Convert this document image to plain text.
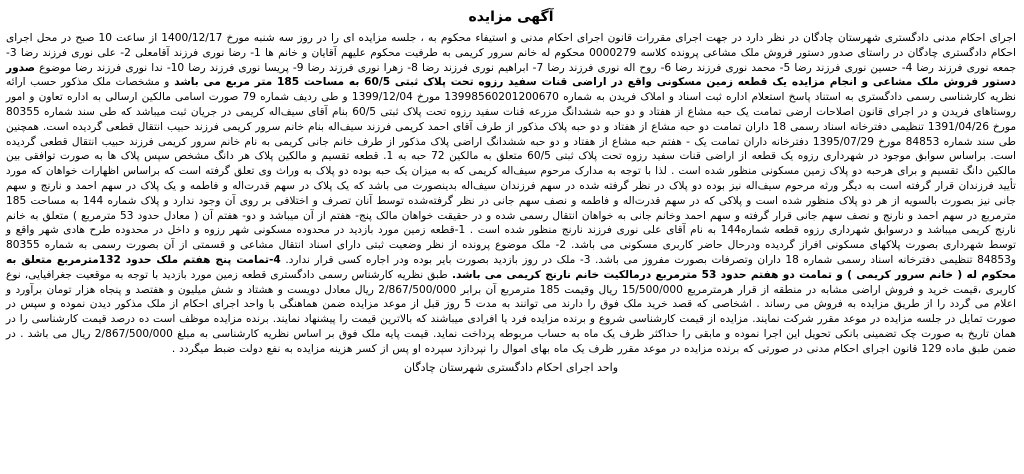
آگهی مزایده

اجرای احکام مدنی دادگستری شهرستان چادگان در نظر دارد در جهت اجرای مقررات قانون اجرای احکام مدنی و استیفاء محکوم به ، جلسه مزایده ای را در روز سه شنبه مورخ 1400/12/17 از ساعت 10 صبح در محل اجرای احکام دادگستری چادگان در راستای صدور دستور فروش ملک مشاعی پرونده کلاسه 0000279 محکوم له خانم سرور کریمی به طرفیت محکوم علیهم آقایان و خانم ها 1- رضا نوری فرزند آقامعلی 2- علی نوری فرزند رضا 3- جمعه نوری فرزند رضا 4- حسین نوری فرزند رضا 5- محمد نوری فرزند رضا 6- روح اله نوری فرزند رضا 7- ابراهیم نوری فرزند رضا 8- زهرا نوری فرزند رضا 9- پریسا نوری فرزند رضا 10- ندا نوری فرزند رضا موضوع صدور دستور فروش ملک مشاعی و انجام مزایده یک قطعه زمین مسکونی واقع در اراضی قنات سفید رزوه تحت پلاک ثبتی 60/5 به مساحت 185 متر مربع می باشد و مشخصات ملک مذکور حسب ارائه نظریه کارشناسی رسمی دادگستری به استناد پاسخ استعلام اداره ثبت اسناد و املاک فریدن به شماره 13998560201200670 مورخ 1399/12/04 و طی ردیف شماره 79 صورت اسامی مالکین ارسالی به اداره تعاون و امور روستاهای فریدن و در اجرای قانون اصلاحات ارضی تمامت یک حبه مشاع از هفتاد و دو حبه ششدانگ مزرعه قنات سفید رزوه تحت پلاک ثبتی 60/5 بنام آقای سیف‌اله کریمی در جریان ثبت میباشد که طی سند شماره 80355 مورخ 1391/04/26 تنظیمی دفترخانه اسناد رسمی 18 داران تمامت دو حبه مشاع از هفتاد و دو حبه پلاک مذکور از طرف آقای احمد کریمی فرزند سیف‌اله بنام خانم سرور کریمی فرزند حبیب انتقال قطعی گردیده است. همچنین طی سند شماره 84853 مورخ 1395/07/29 دفترخانه داران تمامت یک - هفتم حبه مشاع از هفتاد و دو حبه ششدانگ اراضی پلاک مذکور از طرف خانم جانی کریمی به نام خانم سرور کریمی فرزند حبیب انتقال قطعی گردیده است. براساس سوابق موجود در شهرداری رزوه یک قطعه از اراضی قنات سفید رزوه تحت پلاک ثبتی 60/5 متعلق به مالکین 72 حبه به 1. قطعه تقسیم و مالکین پلاک هر دانگ مشخص سپس پلاک ها به صورت توافقی بین مالکین دانگ تقسیم و برای هرحبه دو پلاک زمین مسکونی منظور شده است . لذا با توجه به مدارک مرحوم سیف‌اله کریمی که به میزان یک حبه بوده دو پلاک به وراث وی تعلق گرفته است که براساس اظهارات خواهان که مورد تأیید فرزندان قرار گرفته است به دیگر ورثه مرحوم سیف‌اله نیز بوده دو پلاک در نظر گرفته شده در سهم فرزندان سیف‌اله بدینصورت می باشد که یک پلاک در سهم قدرت‌اله و فاطمه و یک پلاک در سهم احمد و نارنج و سهم جانی نیز بصورت بالسویه از هر دو پلاک منظور شده است و پلاکی که در سهم قدرت‌اله و فاطمه و نصف سهم جانی در نظر گرفته‌شده توسط آنان تصرف و اختلافی بر روی آن وجود ندارد و پلاک شماره 144 به مساحت 185 مترمربع در سهم احمد و نارنج و نصف سهم جانی قرار گرفته و سهم احمد وخانم جانی به خواهان انتقال رسمی شده و در حقیقت خواهان مالک پنج- هفتم از آن میباشد و دو- هفتم آن ( معادل حدود 53 مترمربع ) متعلق به خانم نارنج کریمی میباشد و درسوابق شهرداری رزوه قطعه شماره144 به نام آقای علی نوری فرزند نارنج منظور شده است . 1-قطعه زمین مورد بازدید در محدوده مسکونی شهر رزوه و داخل در محدوده طرح هادی شهر واقع و توسط شهرداری بصورت پلاکهای مسکونی افراز گردیده ودرحال حاضر کاربری مسکونی می باشد. 2- ملک موضوع پرونده از نظر وضعیت ثبتی دارای اسناد انتقال مشاعی و قسمتی از آن بصورت رسمی به شماره 80355 و84853 تنظیمی دفترخانه اسناد رسمی شماره 18 داران وتصرفات بصورت مفروز می باشد. 3- ملک در روز بازدید بصورت باير بوده ودر اجاره کسی قرار ندارد. 4-تمامت پنج هفتم ملک حدود 132مترمربع متعلق به محکوم له ( خانم سرور کریمی ) و تمامت دو هفتم حدود 53 مترمربع درمالکیت خانم نارنج کریمی می باشد. طبق نظریه کارشناس رسمی دادگستری قطعه زمین مورد بازدید با توجه به موقعیت جغرافیایی، نوع کاربری ،قیمت خرید و فروش اراضی مشابه در منطقه از قرار هرمترمربع 15/500/000 ریال وقیمت 185 مترمربع آن برابر 2/867/500/000 ریال معادل دویست و هشتاد و شش میلیون و هفتصد و پنجاه هزار تومان برآورد و اعلام می گردد را از طریق مزایده به فروش می رساند . اشخاصی که قصد خرید ملک فوق را دارند می توانند به مدت 5 روز قبل از موعد مزایده ضمن هماهنگی با واحد اجرای احکام از ملک مذکور دیدن نموده و سپس در صورت تمایل در جلسه مزایده در موعد مقرر شرکت نمایند. مزایده از قیمت کارشناسی شروع و برنده مزایده فرد یا افرادی میباشند که بالاترین قیمت را پیشنهاد نمایند. برنده مزایده موظف است ده درصد قیمت کارشناسی را در همان تاریخ به صورت چک تضمینی بانکی تحویل این اجرا نموده و مابقی را حداکثر ظرف یک ماه به حساب مربوطه پرداخت نماید. قیمت پایه ملک فوق بر اساس نظریه کارشناسی به مبلغ 2/867/500/000 ریال می باشد . در ضمن طبق ماده 129 قانون اجرای احکام مدنی در صورتی که برنده مزایده در موعد مقرر ظرف یک ماه بهای اموال را نپردازد سپرده او پس از کسر هزینه مزایده به نفع دولت ضبط میگردد .

واحد اجرای احکام دادگستری شهرستان چادگان
